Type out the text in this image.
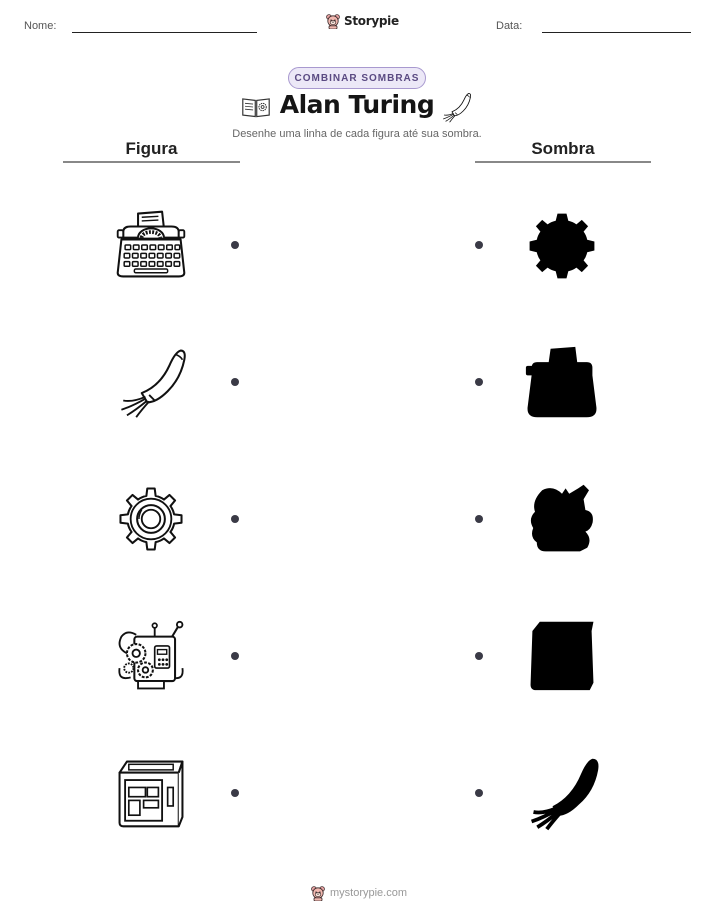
Nome:	Storypie	Data:
COMBINAR SOMBRAS
Alan Turing
Desenhe uma linha de cada figura até sua sombra.
Figura	Sombra
mystorypie.com
